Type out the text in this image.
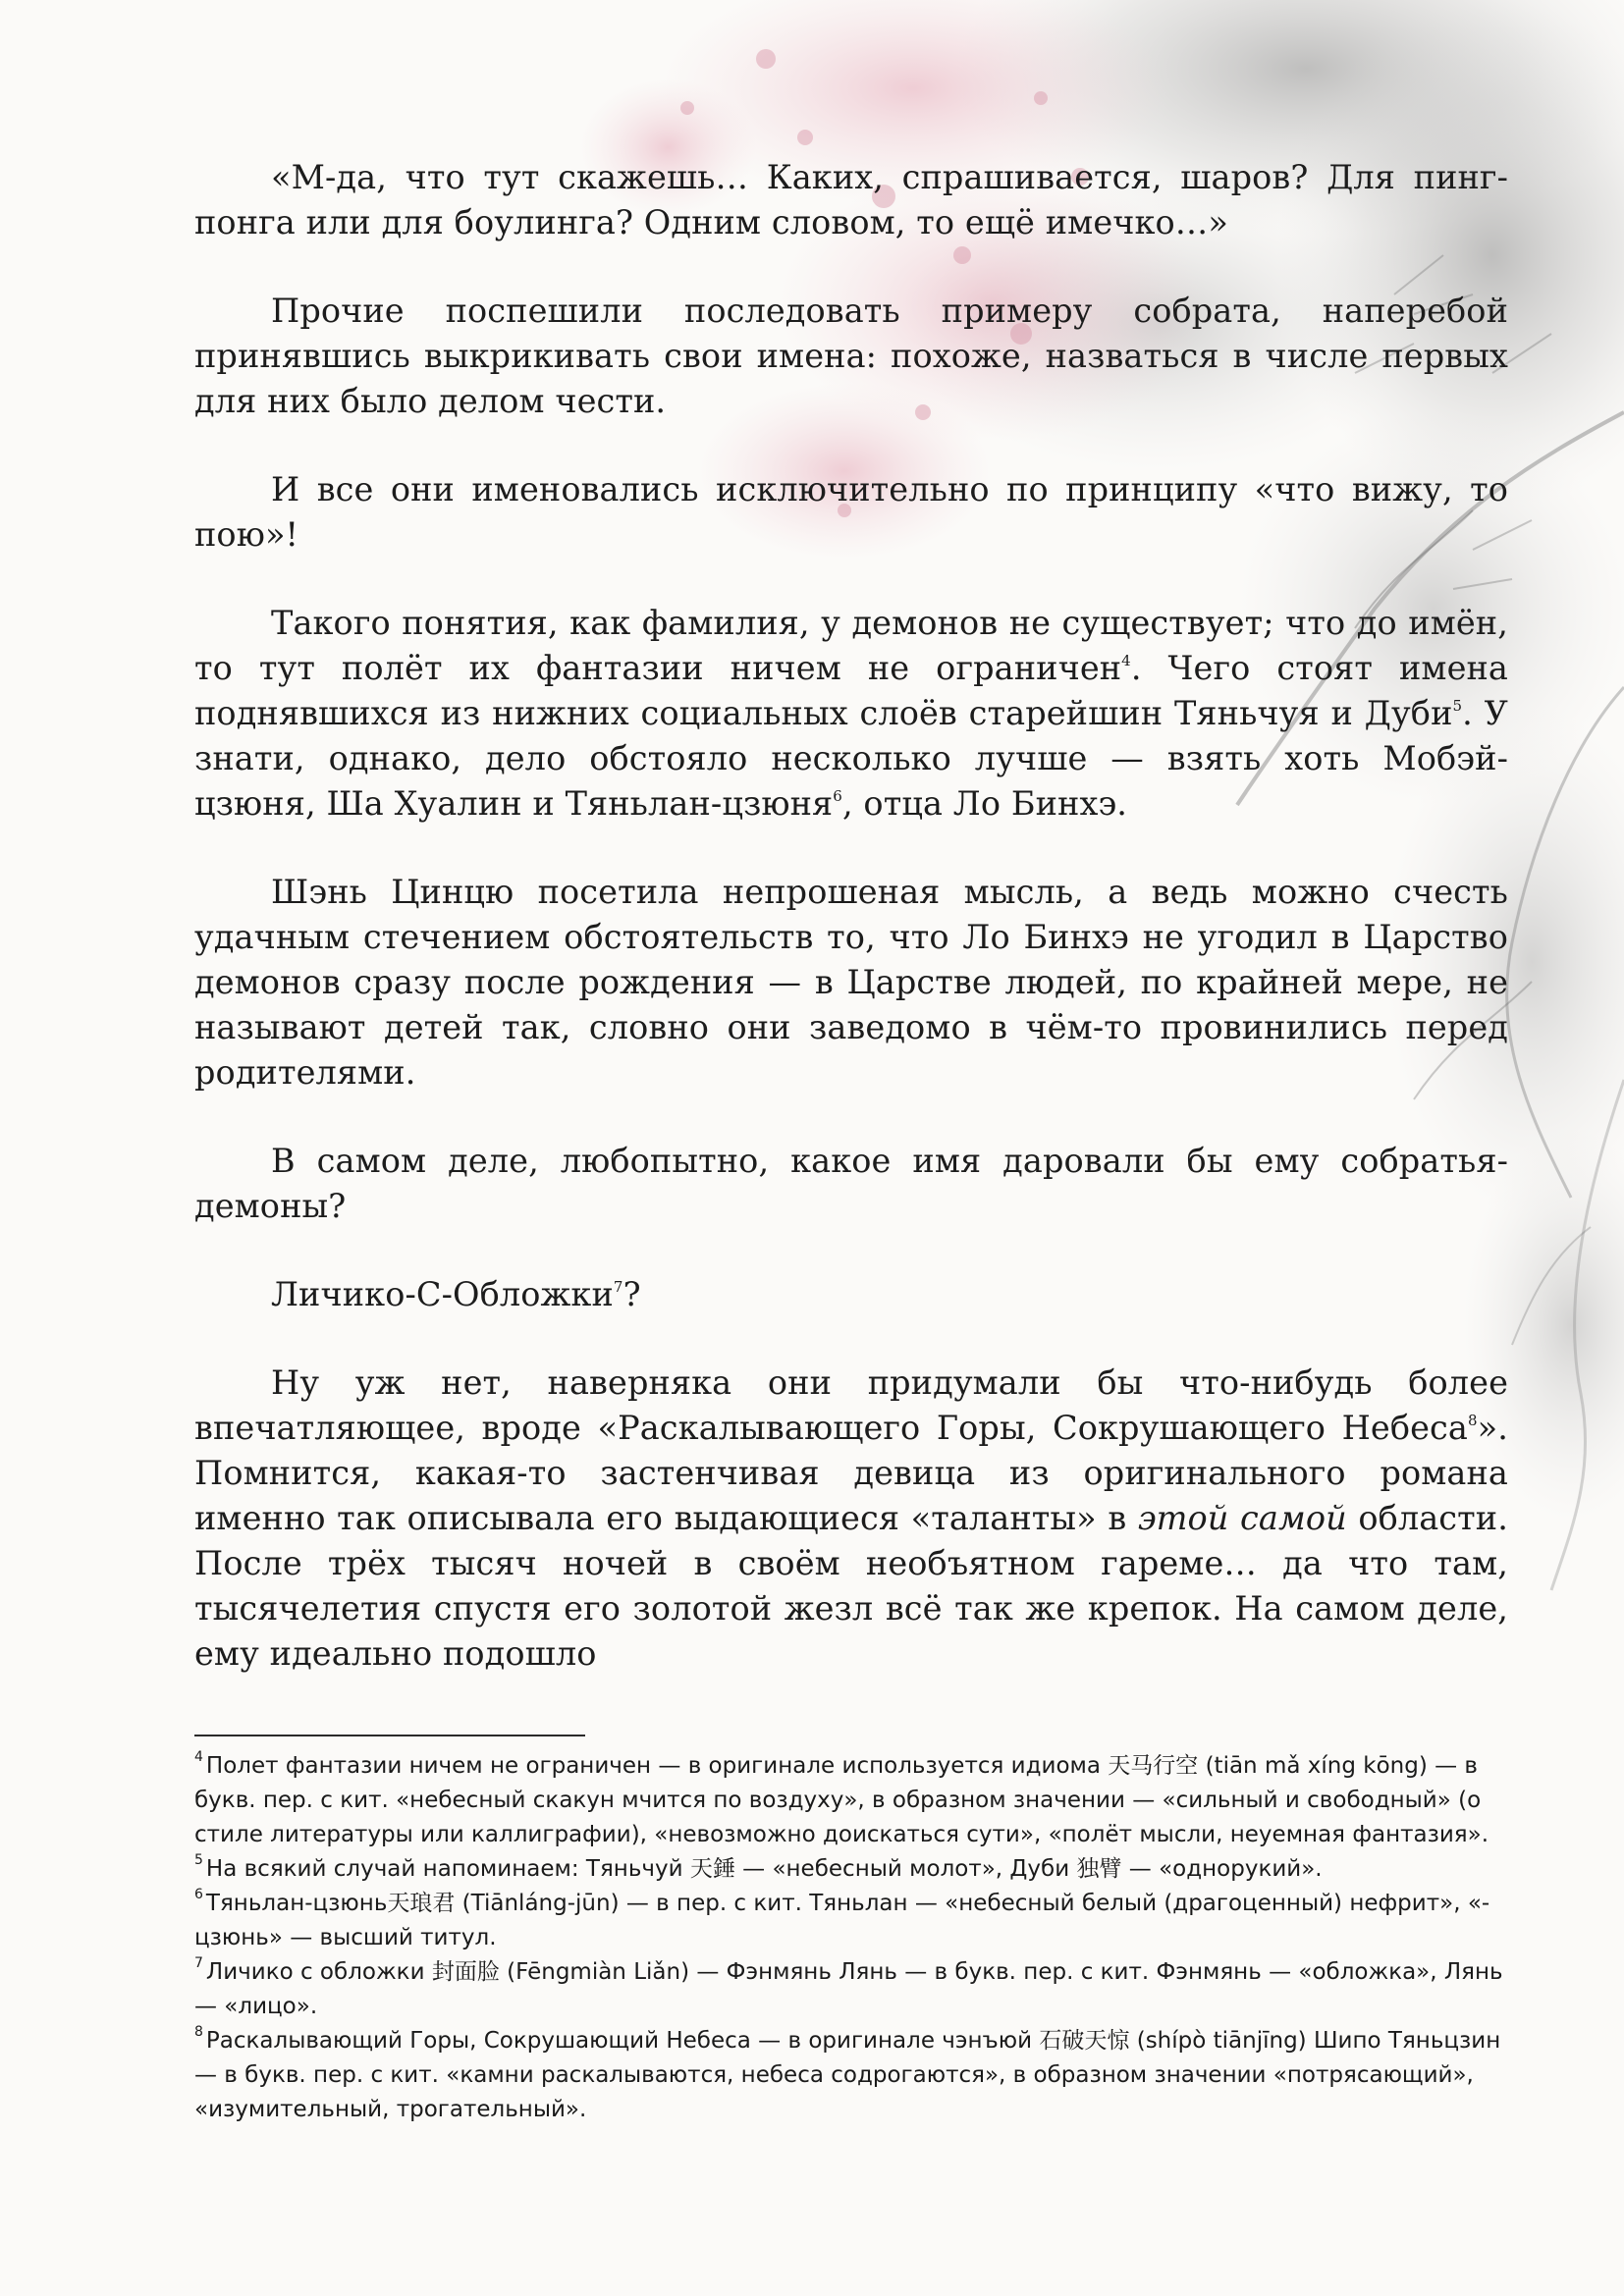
«М-да, что тут скажешь… Каких, спрашивается, шаров? Для пинг-понга или для боулинга? Одним словом, то ещё имечко…»

Прочие поспешили последовать примеру собрата, наперебой принявшись выкрикивать свои имена: похоже, назваться в числе первых для них было делом чести.

И все они именовались исключительно по принципу «что вижу, то пою»!

Такого понятия, как фамилия, у демонов не существует; что до имён, то тут полёт их фантазии ничем не ограничен$^4$. Чего стоят имена поднявшихся из нижних социальных слоёв старейшин Тяньчуя и Дуби$^5$. У знати, однако, дело обстояло несколько лучше — взять хоть Мобэй-цзюня, Ша Хуалин и Тяньлан-цзюня$^6$, отца Ло Бинхэ.

Шэнь Цинцю посетила непрошеная мысль, а ведь можно счесть удачным стечением обстоятельств то, что Ло Бинхэ не угодил в Царство демонов сразу после рождения — в Царстве людей, по крайней мере, не называют детей так, словно они заведомо в чём-то провинились перед родителями.

В самом деле, любопытно, какое имя даровали бы ему собратья-демоны?

Личико-С-Обложки$^7$?

Ну уж нет, наверняка они придумали бы что-нибудь более впечатляющее, вроде «Раскалывающего Горы, Сокрушающего Небеса$^8$». Помнится, какая-то застенчивая девица из оригинального романа именно так описывала его выдающиеся «таланты» в этой самой области. После трёх тысяч ночей в своём необъятном гареме… да что там, тысячелетия спустя его золотой жезл всё так же крепок. На самом деле, ему идеально подошло

$^4$ Полет фантазии ничем не ограничен — в оригинале используется идиома 天马行空 (tiān mǎ xíng kōng) — в букв. пер. с кит. «небесный скакун мчится по воздуху», в образном значении — «сильный и свободный» (о стиле литературы или каллиграфии), «невозможно доискаться сути», «полёт мысли, неуемная фантазия».

$^5$ На всякий случай напоминаем: Тяньчуй 天錘 — «небесный молот», Дуби 独臂 — «однорукий».

$^6$ Тяньлан-цзюнь天琅君 (Tiānláng-jūn) — в пер. с кит. Тяньлан — «небесный белый (драгоценный) нефрит», «-цзюнь» — высший титул.

$^7$ Личико с обложки 封面脸 (Fēngmiàn Liǎn) — Фэнмянь Лянь — в букв. пер. с кит. Фэнмянь — «обложка», Лянь — «лицо».

$^8$ Раскалывающий Горы, Сокрушающий Небеса — в оригинале чэнъюй 石破天惊 (shípò tiānjīng) Шипо Тяньцзин — в букв. пер. с кит. «камни раскалываются, небеса содрогаются», в образном значении «потрясающий», «изумительный, трогательный».
